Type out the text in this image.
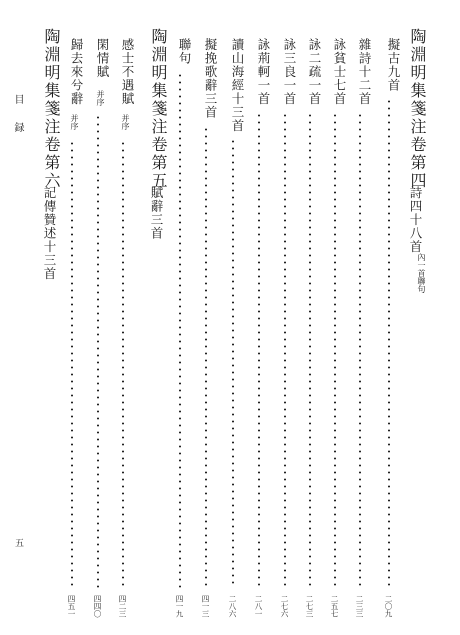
陶淵明集箋注卷第四
詩四十八首
內一首聯句
擬古九首
二〇九
雜詩十二首
二三三
詠貧士七首
二五七
詠二疏一首
二七三
詠三良一首
二七六
詠荊軻一首
二八一
讀山海經十三首
二八六
擬挽歌辭三首
四一三
聯句
四一九
陶淵明集箋注卷第五
賦辭三首
感士不遇賦
并序
四二三
閑情賦
并序
四四〇
歸去來兮辭
并序
四五一
陶淵明集箋注卷第六
記傳贊述十三首
目　録
五
